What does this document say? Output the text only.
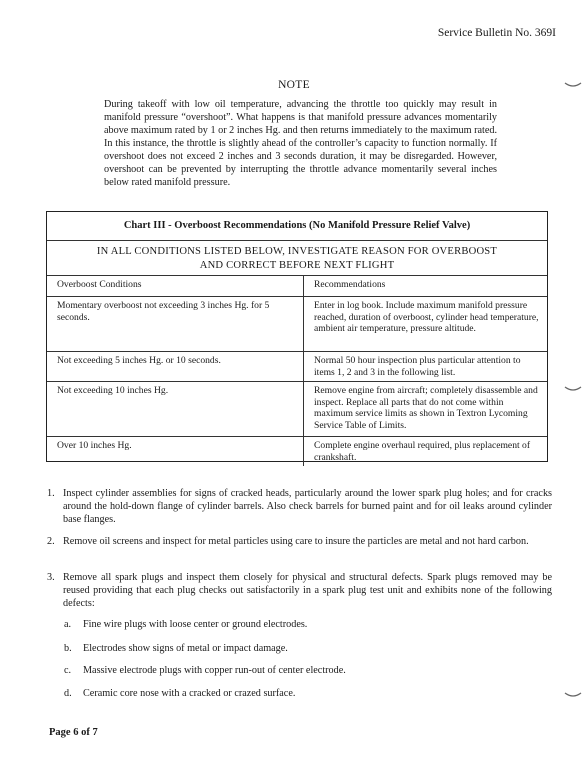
Service Bulletin No. 369I
NOTE

During takeoff with low oil temperature, advancing the throttle too quickly may result in manifold pressure “overshoot”. What happens is that manifold pressure advances momentarily above maximum rated by 1 or 2 inches Hg. and then returns immediately to the maximum rated. In this instance, the throttle is slightly ahead of the controller’s capacity to function normally. If overshoot does not exceed 2 inches and 3 seconds duration, it may be disregarded. However, overshoot can be prevented by interrupting the throttle advance momentarily several inches below rated manifold pressure.

Chart III - Overboost Recommendations (No Manifold Pressure Relief Valve)
IN ALL CONDITIONS LISTED BELOW, INVESTIGATE REASON FOR OVERBOOST
AND CORRECT BEFORE NEXT FLIGHT
Overboost Conditions	Recommendations
Momentary overboost not exceeding 3 inches Hg. for 5 seconds.	Enter in log book. Include maximum manifold pressure reached, duration of overboost, cylinder head temperature, ambient air temperature, pressure altitude.
Not exceeding 5 inches Hg. or 10 seconds.	Normal 50 hour inspection plus particular attention to items 1, 2 and 3 in the following list.
Not exceeding 10 inches Hg.	Remove engine from aircraft; completely disassemble and inspect. Replace all parts that do not come within maximum service limits as shown in Textron Lycoming Service Table of Limits.
Over 10 inches Hg.	Complete engine overhaul required, plus replacement of crankshaft.
1. Inspect cylinder assemblies for signs of cracked heads, particularly around the lower spark plug holes; and for cracks around the hold-down flange of cylinder barrels. Also check barrels for burned paint and for oil leaks around cylinder base flanges.
2. Remove oil screens and inspect for metal particles using care to insure the particles are metal and not hard carbon.
3. Remove all spark plugs and inspect them closely for physical and structural defects. Spark plugs removed may be reused providing that each plug checks out satisfactorily in a spark plug test unit and exhibits none of the following defects:
a. Fine wire plugs with loose center or ground electrodes.
b. Electrodes show signs of metal or impact damage.
c. Massive electrode plugs with copper run-out of center electrode.
d. Ceramic core nose with a cracked or crazed surface.
Page 6 of 7
